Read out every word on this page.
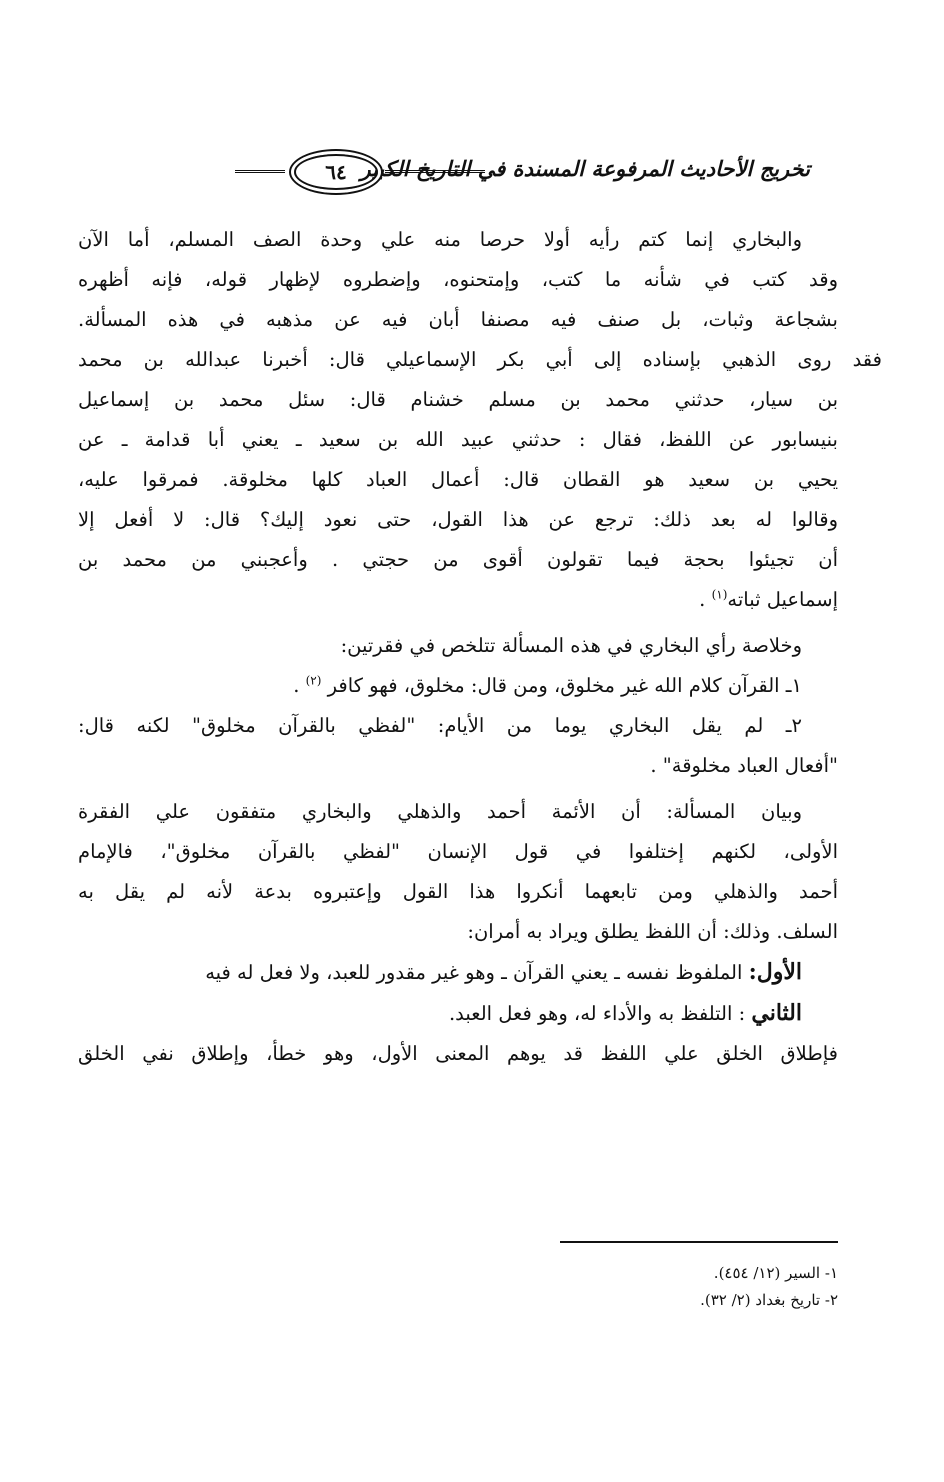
تخريج الأحاديث المرفوعة المسندة في التاريخ الكبير
٦٤
والبخاري إنما كتم رأيه أولا حرصا منه علي وحدة الصف المسلم، أما الآن
وقد كتب في شأنه ما كتب، وإمتحنوه، وإضطروه لإظهار قوله، فإنه أظهره
بشجاعة وثبات، بل صنف فيه مصنفا أبان فيه عن مذهبه في هذه المسألة.
فقد روى الذهبي بإسناده إلى أبي بكر الإسماعيلي قال: أخبرنا عبدالله بن محمد
بن سيار، حدثني محمد بن مسلم خشنام قال: سئل محمد بن إسماعيل
بنيسابور عن اللفظ، فقال : حدثني عبيد الله بن سعيد ـ يعني أبا قدامة ـ عن
يحيي بن سعيد هو القطان قال: أعمال العباد كلها مخلوقة. فمرقوا عليه،
وقالوا له بعد ذلك: ترجع عن هذا القول، حتى نعود إليك؟ قال: لا أفعل إلا
أن تجيئوا بحجة فيما تقولون أقوى من حجتي . وأعجبني من محمد بن
إسماعيل ثباته$^{(١)}$ .
وخلاصة رأي البخاري في هذه المسألة تتلخص في فقرتين:
١ـ القرآن كلام الله غير مخلوق، ومن قال: مخلوق، فهو كافر $^{(٢)}$ .
٢ـ لم يقل البخاري يوما من الأيام: "لفظي بالقرآن مخلوق" لكنه قال:
"أفعال العباد مخلوقة" .
وبيان المسألة: أن الأئمة أحمد والذهلي والبخاري متفقون علي الفقرة
الأولى، لكنهم إختلفوا في قول الإنسان "لفظي بالقرآن مخلوق"، فالإمام
أحمد والذهلي ومن تابعهما أنكروا هذا القول وإعتبروه بدعة لأنه لم يقل به
السلف. وذلك: أن اللفظ يطلق ويراد به أمران:
الأول: الملفوظ نفسه ـ يعني القرآن ـ وهو غير مقدور للعبد، ولا فعل له فيه
الثاني : التلفظ به والأداء له، وهو فعل العبد.
فإطلاق الخلق علي اللفظ قد يوهم المعنى الأول، وهو خطأ، وإطلاق نفي الخلق
١- السير (١٢/ ٤٥٤).
٢- تاريخ بغداد (٢/ ٣٢).
